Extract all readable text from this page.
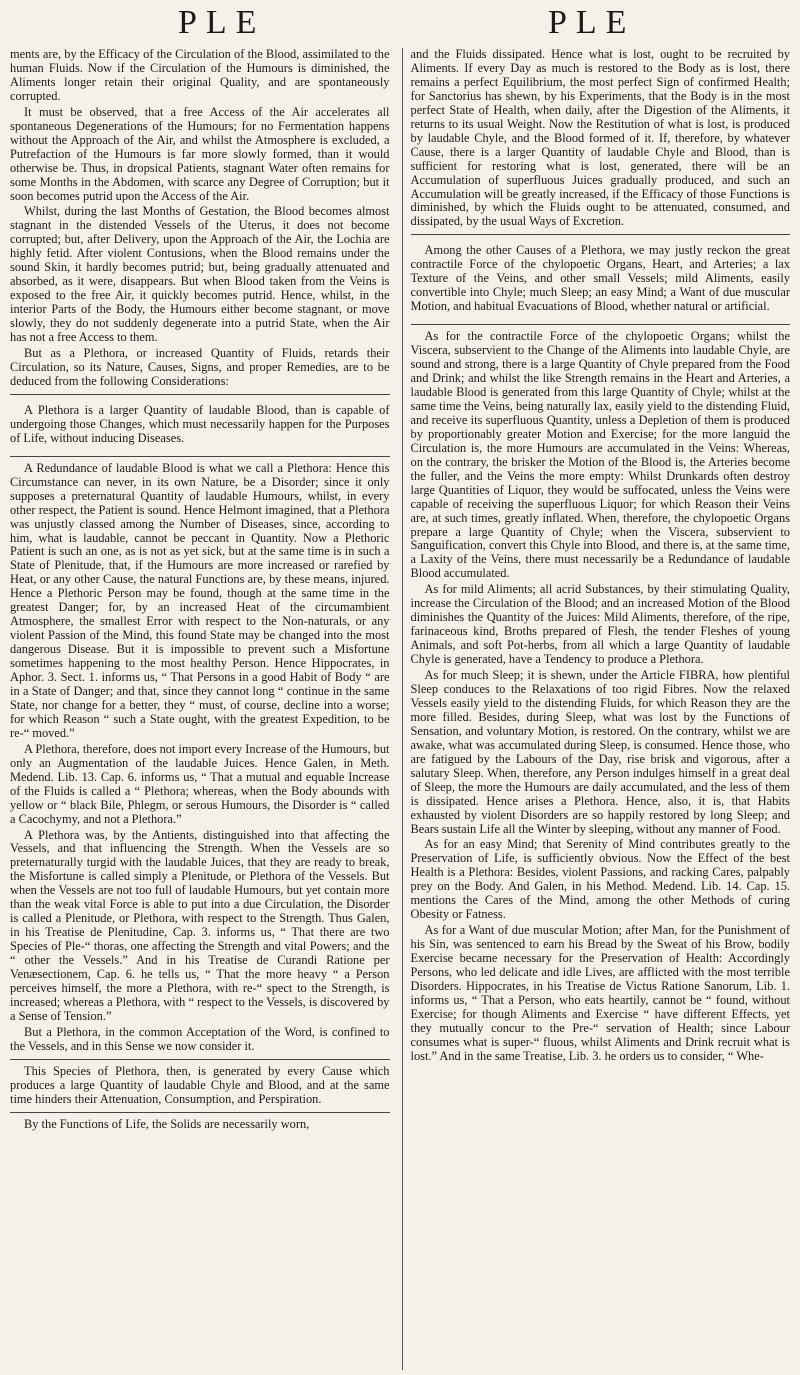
PLE	PLE

ments are, by the Efficacy of the Circulation of the Blood, assimilated to the human Fluids. Now if the Circulation of the Humours is diminished, the Aliments longer retain their original Quality, and are spontaneously corrupted.

It must be observed, that a free Access of the Air accelerates all spontaneous Degenerations of the Humours; for no Fermentation happens without the Approach of the Air, and whilst the Atmosphere is excluded, a Putrefaction of the Humours is far more slowly formed, than it would otherwise be. Thus, in dropsical Patients, stagnant Water often remains for some Months in the Abdomen, with scarce any Degree of Corruption; but it soon becomes putrid upon the Access of the Air.

Whilst, during the last Months of Gestation, the Blood becomes almost stagnant in the distended Vessels of the Uterus, it does not become corrupted; but, after Delivery, upon the Approach of the Air, the Lochia are highly fetid. After violent Contusions, when the Blood remains under the sound Skin, it hardly becomes putrid; but, being gradually attenuated and absorbed, as it were, disappears. But when Blood taken from the Veins is exposed to the free Air, it quickly becomes putrid. Hence, whilst, in the interior Parts of the Body, the Humours either become stagnant, or move slowly, they do not suddenly degenerate into a putrid State, when the Air has not a free Access to them.

But as a Plethora, or increased Quantity of Fluids, retards their Circulation, so its Nature, Causes, Signs, and proper Remedies, are to be deduced from the following Considerations:

A Plethora is a larger Quantity of laudable Blood, than is capable of undergoing those Changes, which must necessarily happen for the Purposes of Life, without inducing Diseases.

A Redundance of laudable Blood is what we call a Plethora: Hence this Circumstance can never, in its own Nature, be a Disorder; since it only supposes a preternatural Quantity of laudable Humours, whilst, in every other respect, the Patient is sound. Hence Helmont imagined, that a Plethora was unjustly classed among the Number of Diseases, since, according to him, what is laudable, cannot be peccant in Quantity. Now a Plethoric Patient is such an one, as is not as yet sick, but at the same time is in such a State of Plenitude, that, if the Humours are more increased or rarefied by Heat, or any other Cause, the natural Functions are, by these means, injured. Hence a Plethoric Person may be found, though at the same time in the greatest Danger; for, by an increased Heat of the circumambient Atmosphere, the smallest Error with respect to the Non-naturals, or any violent Passion of the Mind, this found State may be changed into the most dangerous Disease. But it is impossible to prevent such a Misfortune sometimes happening to the most healthy Person. Hence Hippocrates, in Aphor. 3. Sect. 1. informs us, “ That Persons in a good Habit of Body “ are in a State of Danger; and that, since they cannot long “ continue in the same State, nor change for a better, they “ must, of course, decline into a worse; for which Reason “ such a State ought, with the greatest Expedition, to be re-“ moved.”

A Plethora, therefore, does not import every Increase of the Humours, but only an Augmentation of the laudable Juices. Hence Galen, in Meth. Medend. Lib. 13. Cap. 6. informs us, “ That a mutual and equable Increase of the Fluids is called a “ Plethora; whereas, when the Body abounds with yellow or “ black Bile, Phlegm, or serous Humours, the Disorder is “ called a Cacochymy, and not a Plethora.”

A Plethora was, by the Antients, distinguished into that affecting the Vessels, and that influencing the Strength. When the Vessels are so preternaturally turgid with the laudable Juices, that they are ready to break, the Misfortune is called simply a Plenitude, or Plethora of the Vessels. But when the Vessels are not too full of laudable Humours, but yet contain more than the weak vital Force is able to put into a due Circulation, the Disorder is called a Plenitude, or Plethora, with respect to the Strength. Thus Galen, in his Treatise de Plenitudine, Cap. 3. informs us, “ That there are two Species of Ple-“ thoras, one affecting the Strength and vital Powers; and the “ other the Vessels.” And in his Treatise de Curandi Ratione per Venæsectionem, Cap. 6. he tells us, “ That the more heavy “ a Person perceives himself, the more a Plethora, with re-“ spect to the Strength, is increased; whereas a Plethora, with “ respect to the Vessels, is discovered by a Sense of Tension.”

But a Plethora, in the common Acceptation of the Word, is confined to the Vessels, and in this Sense we now consider it.

This Species of Plethora, then, is generated by every Cause which produces a large Quantity of laudable Chyle and Blood, and at the same time hinders their Attenuation, Consumption, and Perspiration.

By the Functions of Life, the Solids are necessarily worn,

and the Fluids dissipated. Hence what is lost, ought to be recruited by Aliments. If every Day as much is restored to the Body as is lost, there remains a perfect Equilibrium, the most perfect Sign of confirmed Health; for Sanctorius has shewn, by his Experiments, that the Body is in the most perfect State of Health, when daily, after the Digestion of the Aliments, it returns to its usual Weight. Now the Restitution of what is lost, is produced by laudable Chyle, and the Blood formed of it. If, therefore, by whatever Cause, there is a larger Quantity of laudable Chyle and Blood, than is sufficient for restoring what is lost, generated, there will be an Accumulation of superfluous Juices gradually produced, and such an Accumulation will be greatly increased, if the Efficacy of those Functions is diminished, by which the Fluids ought to be attenuated, consumed, and dissipated, by the usual Ways of Excretion.

Among the other Causes of a Plethora, we may justly reckon the great contractile Force of the chylopoetic Organs, Heart, and Arteries; a lax Texture of the Veins, and other small Vessels; mild Aliments, easily convertible into Chyle; much Sleep; an easy Mind; a Want of due muscular Motion, and habitual Evacuations of Blood, whether natural or artificial.

As for the contractile Force of the chylopoetic Organs; whilst the Viscera, subservient to the Change of the Aliments into laudable Chyle, are sound and strong, there is a large Quantity of Chyle prepared from the Food and Drink; and whilst the like Strength remains in the Heart and Arteries, a laudable Blood is generated from this large Quantity of Chyle; whilst at the same time the Veins, being naturally lax, easily yield to the distending Fluid, and receive its superfluous Quantity, unless a Depletion of them is produced by proportionably greater Motion and Exercise; for the more languid the Circulation is, the more Humours are accumulated in the Veins: Whereas, on the contrary, the brisker the Motion of the Blood is, the Arteries become the fuller, and the Veins the more empty: Whilst Drunkards often destroy large Quantities of Liquor, they would be suffocated, unless the Veins were capable of receiving the superfluous Liquor; for which Reason their Veins are, at such times, greatly inflated. When, therefore, the chylopoetic Organs prepare a large Quantity of Chyle; when the Viscera, subservient to Sanguification, convert this Chyle into Blood, and there is, at the same time, a Laxity of the Veins, there must necessarily be a Redundance of laudable Blood accumulated.

As for mild Aliments; all acrid Substances, by their stimulating Quality, increase the Circulation of the Blood; and an increased Motion of the Blood diminishes the Quantity of the Juices: Mild Aliments, therefore, of the ripe, farinaceous kind, Broths prepared of Flesh, the tender Fleshes of young Animals, and soft Pot-herbs, from all which a large Quantity of laudable Chyle is generated, have a Tendency to produce a Plethora.

As for much Sleep; it is shewn, under the Article FIBRA, how plentiful Sleep conduces to the Relaxations of too rigid Fibres. Now the relaxed Vessels easily yield to the distending Fluids, for which Reason they are the more filled. Besides, during Sleep, what was lost by the Functions of Sensation, and voluntary Motion, is restored. On the contrary, whilst we are awake, what was accumulated during Sleep, is consumed. Hence those, who are fatigued by the Labours of the Day, rise brisk and vigorous, after a salutary Sleep. When, therefore, any Person indulges himself in a great deal of Sleep, the more the Humours are daily accumulated, and the less of them is dissipated. Hence arises a Plethora. Hence, also, it is, that Habits exhausted by violent Disorders are so happily restored by long Sleep; and Bears sustain Life all the Winter by sleeping, without any manner of Food.

As for an easy Mind; that Serenity of Mind contributes greatly to the Preservation of Life, is sufficiently obvious. Now the Effect of the best Health is a Plethora: Besides, violent Passions, and racking Cares, palpably prey on the Body. And Galen, in his Method. Medend. Lib. 14. Cap. 15. mentions the Cares of the Mind, among the other Methods of curing Obesity or Fatness.

As for a Want of due muscular Motion; after Man, for the Punishment of his Sin, was sentenced to earn his Bread by the Sweat of his Brow, bodily Exercise became necessary for the Preservation of Health: Accordingly Persons, who led delicate and idle Lives, are afflicted with the most terrible Disorders. Hippocrates, in his Treatise de Victus Ratione Sanorum, Lib. 1. informs us, “ That a Person, who eats heartily, cannot be “ found, without Exercise; for though Aliments and Exercise “ have different Effects, yet they mutually concur to the Pre-“ servation of Health; since Labour consumes what is super-“ fluous, whilst Aliments and Drink recruit what is lost.” And in the same Treatise, Lib. 3. he orders us to consider, “ Whe-
